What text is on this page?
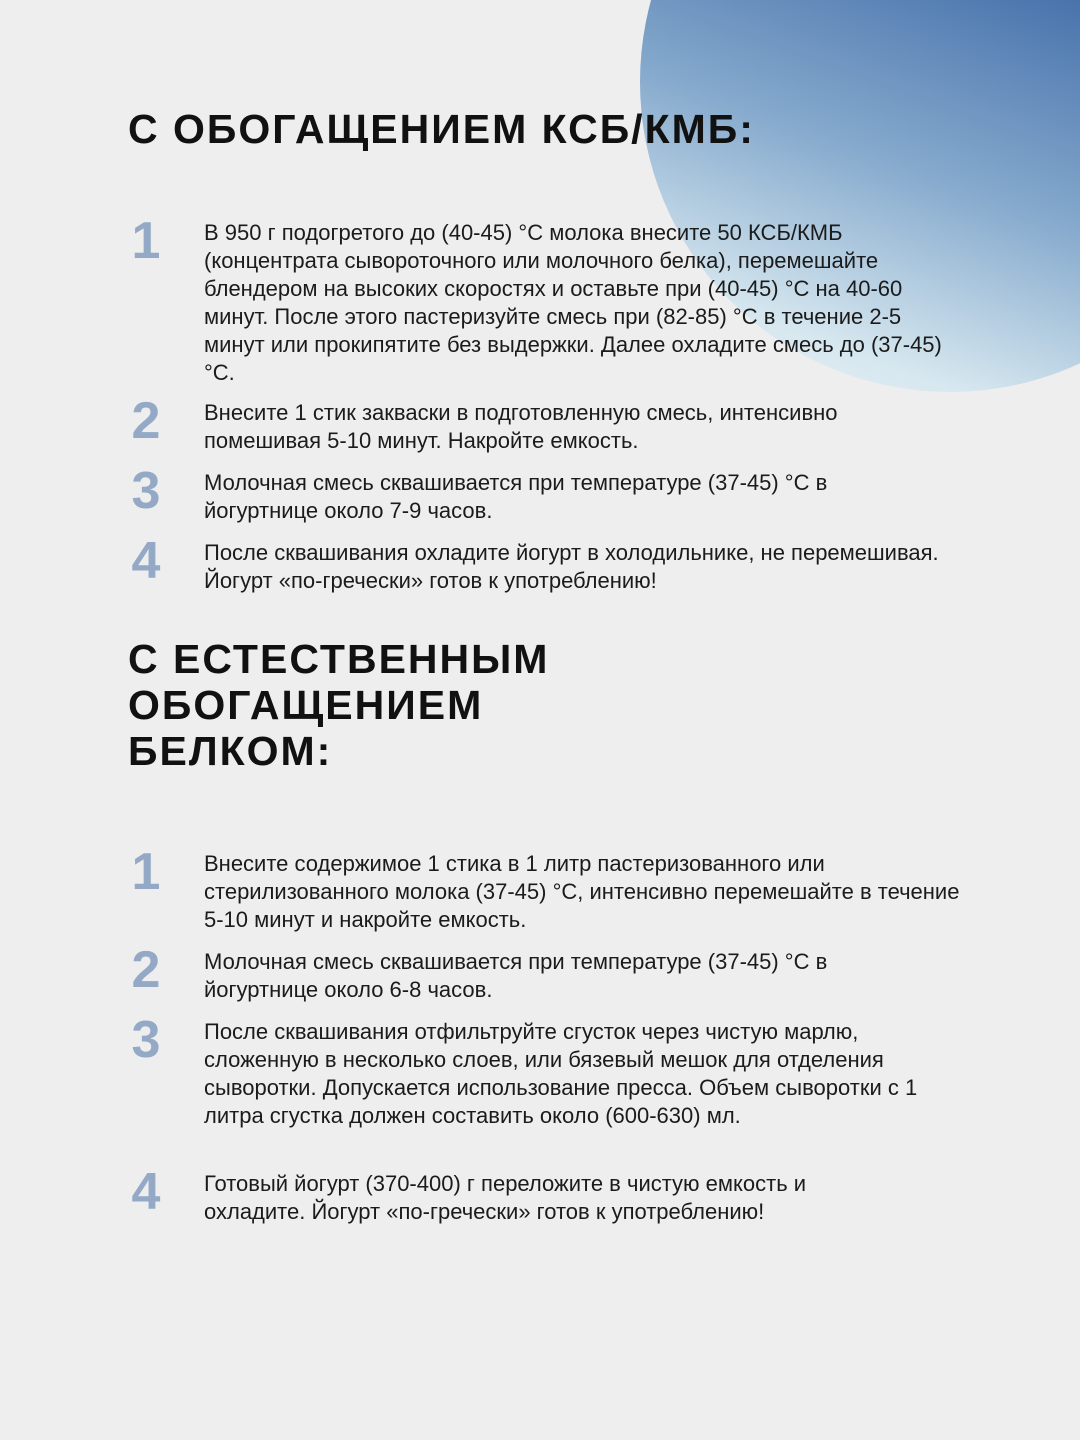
С ОБОГАЩЕНИЕМ КСБ/КМБ:
1	В 950 г подогретого до (40-45) °С молока внесите 50 КСБ/КМБ (концентрата сывороточного или молочного белка), перемешайте блендером на высоких скоростях и оставьте при (40-45) °С на 40-60 минут. После этого пастеризуйте смесь при (82-85) °С в течение 2-5 минут или прокипятите без выдержки. Далее охладите смесь до (37-45) °С.

2	Внесите 1 стик закваски в подготовленную смесь, интенсивно помешивая 5-10 минут. Накройте емкость.

3	Молочная смесь сквашивается при температуре (37-45) °С в йогуртнице около 7-9 часов.

4	После сквашивания охладите йогурт в холодильнике, не перемешивая. Йогурт «по-гречески» готов к употреблению!

С ЕСТЕСТВЕННЫМ ОБОГАЩЕНИЕМ БЕЛКОМ:
1	Внесите содержимое 1 стика в 1 литр пастеризованного или стерилизованного молока (37-45) °С, интенсивно перемешайте в течение 5-10 минут и накройте емкость.

2	Молочная смесь сквашивается при температуре (37-45) °С в йогуртнице около 6-8 часов.

3	После сквашивания отфильтруйте сгусток через чистую марлю, сложенную в несколько слоев, или бязевый мешок для отделения сыворотки. Допускается использование пресса. Объем сыворотки с 1 литра сгустка должен составить около (600-630) мл.

4	Готовый йогурт (370-400) г переложите в чистую емкость и охладите. Йогурт «по-гречески» готов к употреблению!
